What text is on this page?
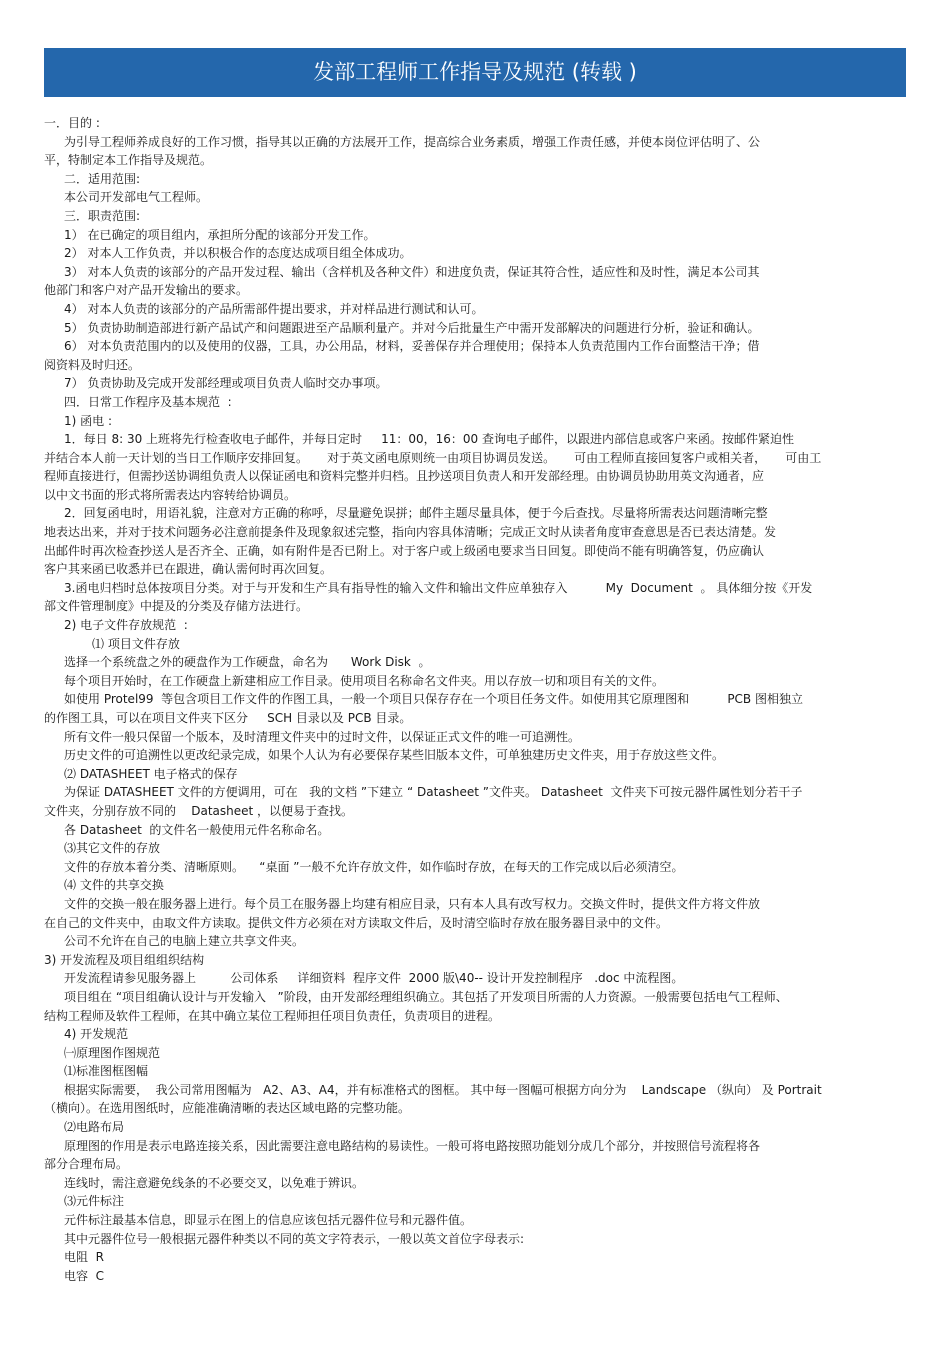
发部工程师工作指导及规范 (转载 )
一．目的 :
为引导工程师养成良好的工作习惯，指导其以正确的方法展开工作，提高综合业务素质，增强工作责任感，并使本岗位评估明了、公
平，特制定本工作指导及规范。
二．适用范围:
本公司开发部电气工程师。
三．职责范围:
1） 在已确定的项目组内，承担所分配的该部分开发工作。
2） 对本人工作负责，并以积极合作的态度达成项目组全体成功。
3） 对本人负责的该部分的产品开发过程、输出（含样机及各种文件）和进度负责，保证其符合性，适应性和及时性，满足本公司其
他部门和客户对产品开发输出的要求。
4） 对本人负责的该部分的产品所需部件提出要求，并对样品进行测试和认可。
5） 负责协助制造部进行新产品试产和问题跟进至产品顺利量产。并对今后批量生产中需开发部解决的问题进行分析，验证和确认。
6） 对本负责范围内的以及使用的仪器，工具，办公用品，材料，妥善保存并合理使用；保持本人负责范围内工作台面整洁干净；借
阅资料及时归还。
7） 负责协助及完成开发部经理或项目负责人临时交办事项。
四．日常工作程序及基本规范  :
1) 函电 :
1．每日 8: 30 上班将先行检查收电子邮件，并每日定时     11：00，16：00 查询电子邮件，以跟进内部信息或客户来函。按邮件紧迫性
并结合本人前一天计划的当日工作顺序安排回复。     对于英文函电原则统一由项目协调员发送。     可由工程师直接回复客户或相关者，     可由工
程师直接进行，但需抄送协调组负责人以保证函电和资料完整并归档。且抄送项目负责人和开发部经理。由协调员协助用英文沟通者，应
以中文书面的形式将所需表达内容转给协调员。
2．回复函电时，用语礼貌，注意对方正确的称呼，尽量避免误拼；邮件主题尽量具体，便于今后查找。尽量将所需表达问题清晰完整
地表达出来，并对于技术问题务必注意前提条件及现象叙述完整，指向内容具体清晰；完成正文时从读者角度审查意思是否已表达清楚。发
出邮件时再次检查抄送人是否齐全、正确，如有附件是否已附上。对于客户或上级函电要求当日回复。即使尚不能有明确答复，仍应确认
客户其来函已收悉并已在跟进，确认需何时再次回复。
3.函电归档时总体按项目分类。对于与开发和生产具有指导性的输入文件和输出文件应单独存入          My  Document  。 具体细分按《开发
部文件管理制度》中提及的分类及存储方法进行。
2) 电子文件存放规范  :
⑴ 项目文件存放
选择一个系统盘之外的硬盘作为工作硬盘，命名为      Work Disk  。
每个项目开始时，在工作硬盘上新建相应工作目录。使用项目名称命名文件夹。用以存放一切和项目有关的文件。
如使用 Protel99  等包含项目工作文件的作图工具，一般一个项目只保存存在一个项目任务文件。如使用其它原理图和          PCB 图相独立
的作图工具，可以在项目文件夹下区分     SCH 目录以及 PCB 目录。
所有文件一般只保留一个版本，及时清理文件夹中的过时文件，以保证正式文件的唯一可追溯性。
历史文件的可追溯性以更改纪录完成，如果个人认为有必要保存某些旧版本文件，可单独建历史文件夹，用于存放这些文件。
⑵ DATASHEET 电子格式的保存
为保证 DATASHEET 文件的方便调用，可在   我的文档 ”下建立 “ Datasheet ”文件夹。 Datasheet  文件夹下可按元器件属性划分若干子
文件夹，分别存放不同的    Datasheet ，以便易于查找。
各 Datasheet  的文件名一般使用元件名称命名。
⑶其它文件的存放
文件的存放本着分类、清晰原则。    “桌面 ”一般不允许存放文件，如作临时存放，在每天的工作完成以后必须清空。
⑷ 文件的共享交换
文件的交换一般在服务器上进行。每个员工在服务器上均建有相应目录，只有本人具有改写权力。交换文件时，提供文件方将文件放
在自己的文件夹中，由取文件方读取。提供文件方必须在对方读取文件后，及时清空临时存放在服务器目录中的文件。
公司不允许在自己的电脑上建立共享文件夹。
3) 开发流程及项目组组织结构
开发流程请参见服务器上         公司体系     详细资料  程序文件  2000 版\40-- 设计开发控制程序   .doc 中流程图。
项目组在 “项目组确认设计与开发输入   ”阶段，由开发部经理组织确立。其包括了开发项目所需的人力资源。一般需要包括电气工程师、
结构工程师及软件工程师，在其中确立某位工程师担任项目负责任，负责项目的进程。
4) 开发规范
㈠原理图作图规范
⑴标准图框图幅
根据实际需要，  我公司常用图幅为   A2、A3、A4，并有标准格式的图框。 其中每一图幅可根据方向分为    Landscape （纵向） 及 Portrait
（横向）。在选用图纸时，应能准确清晰的表达区域电路的完整功能。
⑵电路布局
原理图的作用是表示电路连接关系，因此需要注意电路结构的易读性。一般可将电路按照功能划分成几个部分，并按照信号流程将各
部分合理布局。
连线时，需注意避免线条的不必要交叉，以免难于辨识。
⑶元件标注
元件标注最基本信息，即显示在图上的信息应该包括元器件位号和元器件值。
其中元器件位号一般根据元器件种类以不同的英文字符表示，一般以英文首位字母表示:
电阻  R
电容  C
